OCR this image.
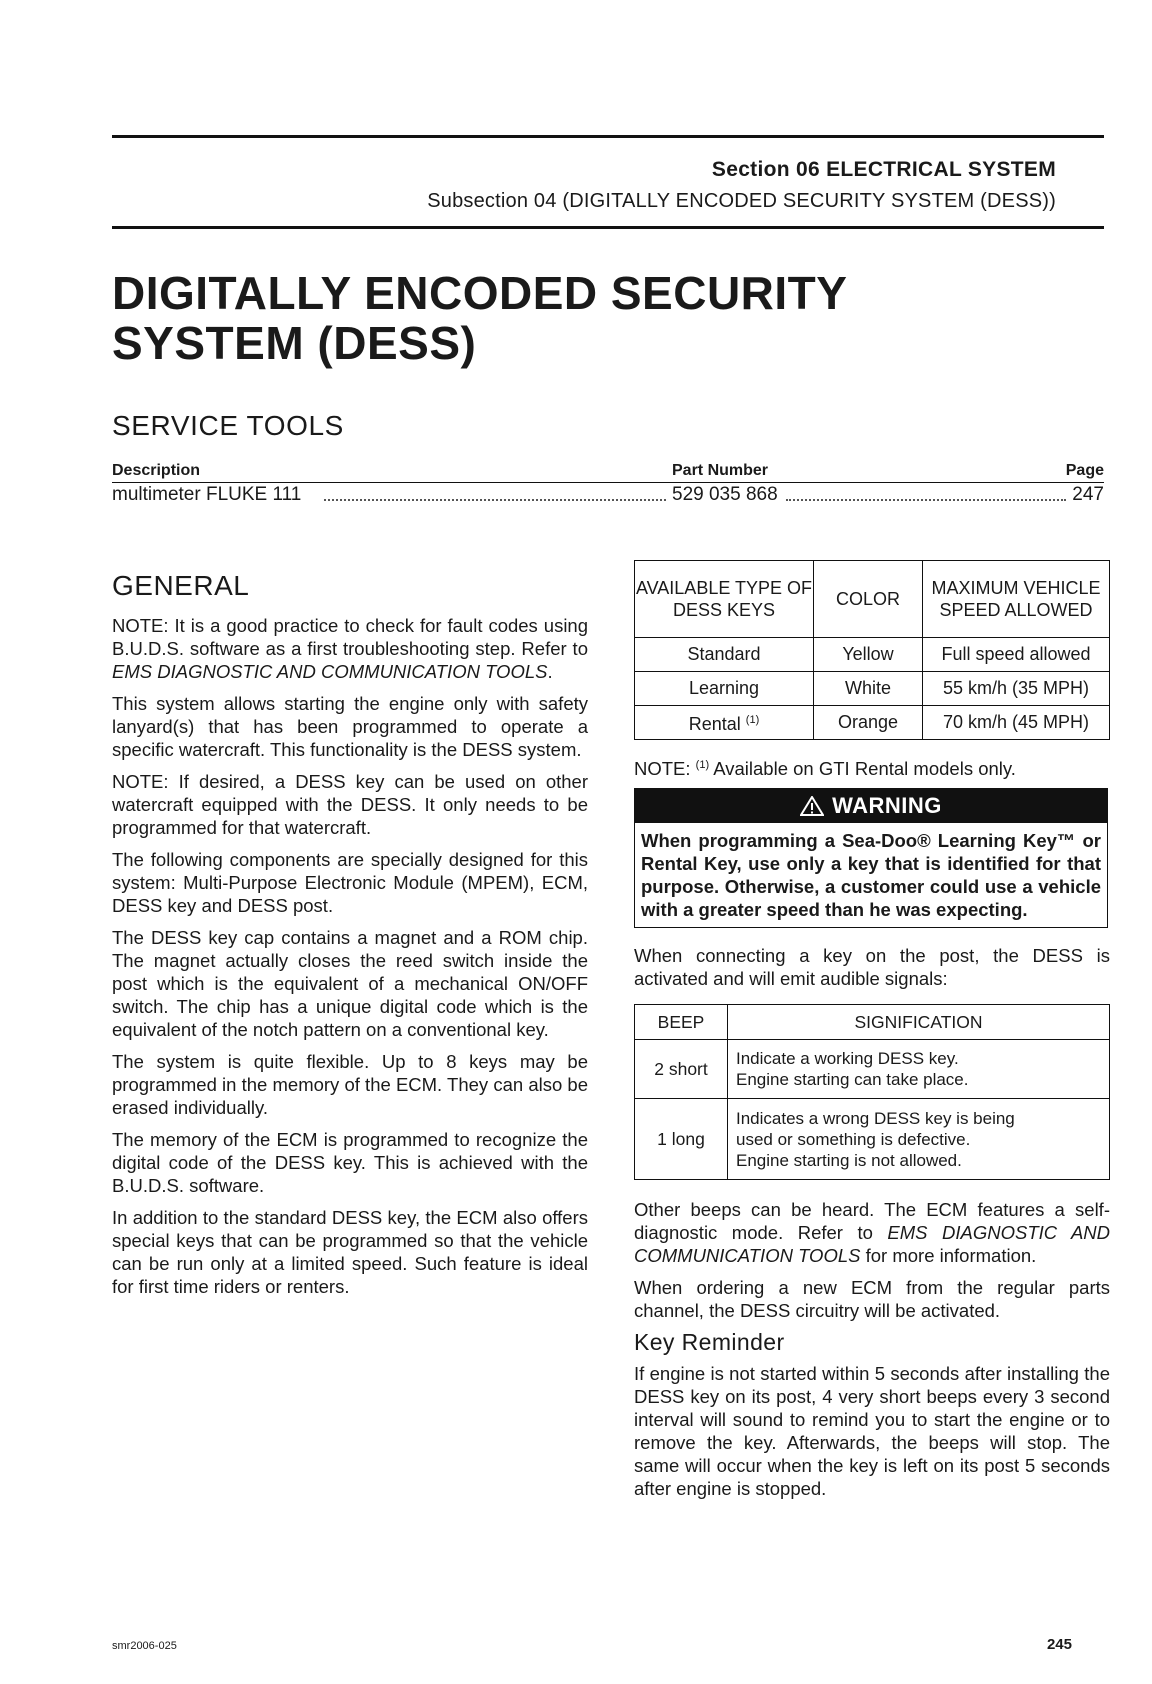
Section 06 ELECTRICAL SYSTEM
Subsection 04 (DIGITALLY ENCODED SECURITY SYSTEM (DESS))
DIGITALLY ENCODED SECURITY
SYSTEM (DESS)
SERVICE TOOLS
Description	Part Number	Page
multimeter FLUKE 111	529 035 868	247
GENERAL

NOTE: It is a good practice to check for fault codes using B.U.D.S. software as a first troubleshooting step. Refer to EMS DIAGNOSTIC AND COMMUNICATION TOOLS.

This system allows starting the engine only with safety lanyard(s) that has been programmed to operate a specific watercraft. This functionality is the DESS system.

NOTE: If desired, a DESS key can be used on other watercraft equipped with the DESS. It only needs to be programmed for that watercraft.

The following components are specially designed for this system: Multi-Purpose Electronic Module (MPEM), ECM, DESS key and DESS post.

The DESS key cap contains a magnet and a ROM chip. The magnet actually closes the reed switch inside the post which is the equivalent of a mechanical ON/OFF switch. The chip has a unique digital code which is the equivalent of the notch pattern on a conventional key.

The system is quite flexible. Up to 8 keys may be programmed in the memory of the ECM. They can also be erased individually.

The memory of the ECM is programmed to recognize the digital code of the DESS key. This is achieved with the B.U.D.S. software.

In addition to the standard DESS key, the ECM also offers special keys that can be programmed so that the vehicle can be run only at a limited speed. Such feature is ideal for first time riders or renters.

AVAILABLE TYPE OF DESS KEYS	COLOR	MAXIMUM VEHICLE SPEED ALLOWED
Standard	Yellow	Full speed allowed
Learning	White	55 km/h (35 MPH)
Rental $^{(1)}$	Orange	70 km/h (45 MPH)

NOTE: $^{(1)}$ Available on GTI Rental models only.

WARNING
When programming a Sea-Doo® Learning Key™ or Rental Key, use only a key that is identified for that purpose. Otherwise, a customer could use a vehicle with a greater speed than he was expecting.

When connecting a key on the post, the DESS is activated and will emit audible signals:

BEEP	SIGNIFICATION
2 short	Indicate a working DESS key.
Engine starting can take place.

1 long	Indicates a wrong DESS key is being
used or something is defective.
Engine starting is not allowed.

Other beeps can be heard. The ECM features a self-diagnostic mode. Refer to EMS DIAGNOSTIC AND COMMUNICATION TOOLS for more information.

When ordering a new ECM from the regular parts channel, the DESS circuitry will be activated.

Key Reminder

If engine is not started within 5 seconds after installing the DESS key on its post, 4 very short beeps every 3 second interval will sound to remind you to start the engine or to remove the key. Afterwards, the beeps will stop. The same will occur when the key is left on its post 5 seconds after engine is stopped.

smr2006-025	245
